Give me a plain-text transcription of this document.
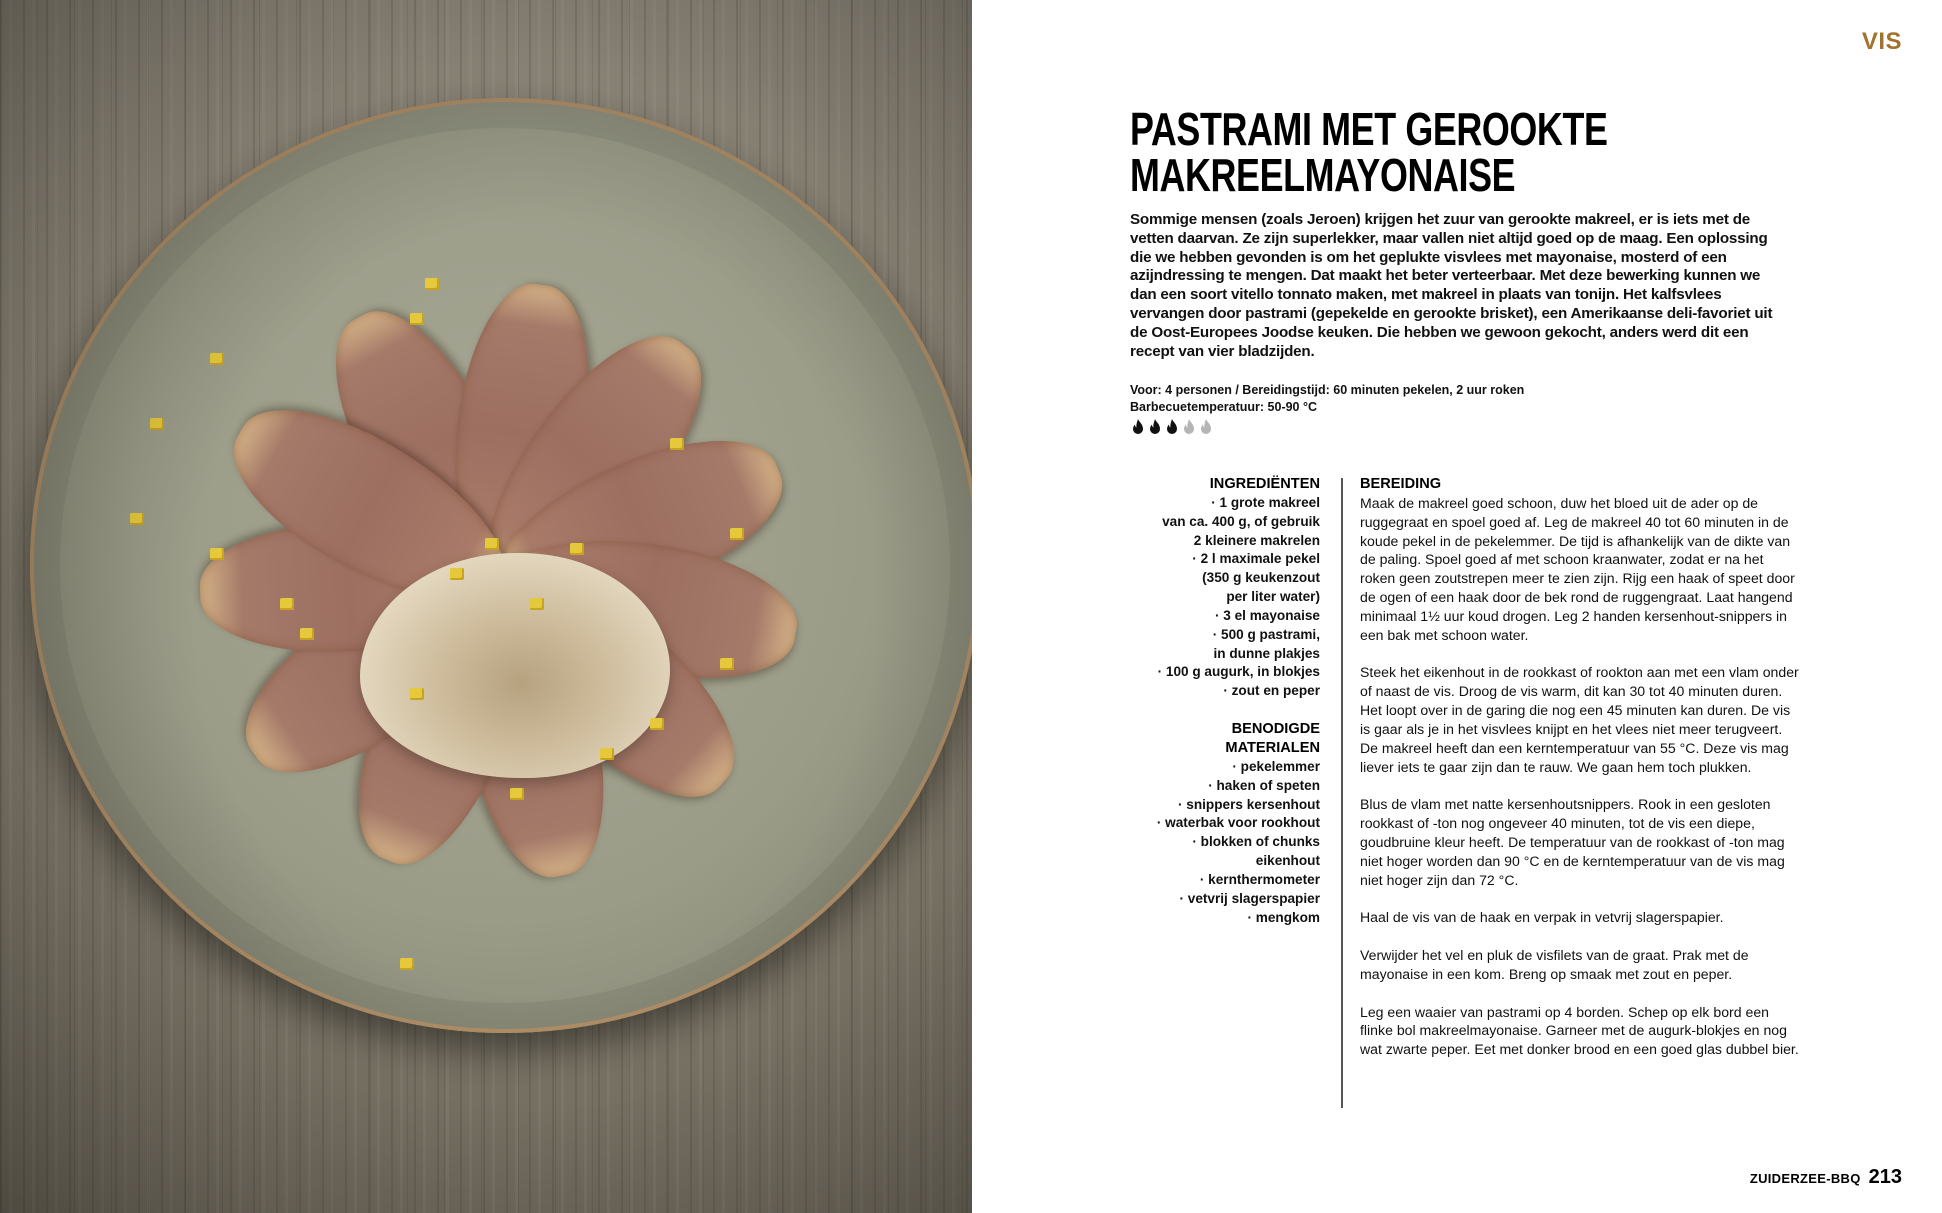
VIS
PASTRAMI MET GEROOKTE
MAKREELMAYONAISE

Sommige mensen (zoals Jeroen) krijgen het zuur van gerookte makreel, er is iets met de vetten daarvan. Ze zijn superlekker, maar vallen niet altijd goed op de maag. Een oplossing die we hebben gevonden is om het geplukte visvlees met mayonaise, mosterd of een azijndressing te mengen. Dat maakt het beter verteerbaar. Met deze bewerking kunnen we dan een soort vitello tonnato maken, met makreel in plaats van tonijn. Het kalfsvlees vervangen door pastrami (gepekelde en gerookte brisket), een Amerikaanse deli-favoriet uit de Oost-Europees Joodse keuken. Die hebben we gewoon gekocht, anders werd dit een recept van vier bladzijden.

Voor: 4 personen / Bereidingstijd: 60 minuten pekelen, 2 uur roken
Barbecuetemperatuur: 50-90 °C
INGREDIËNTEN
· 1 grote makreel
van ca. 400 g, of gebruik
2 kleinere makrelen
· 2 l maximale pekel
(350 g keukenzout
per liter water)
· 3 el mayonaise
· 500 g pastrami,
in dunne plakjes
· 100 g augurk, in blokjes
· zout en peper
BENODIGDE
MATERIALEN
· pekelemmer
· haken of speten
· snippers kersenhout
· waterbak voor rookhout
· blokken of chunks
eikenhout
· kernthermometer
· vetvrij slagerspapier
· mengkom
BEREIDING

Maak de makreel goed schoon, duw het bloed uit de ader op de ruggegraat en spoel goed af. Leg de makreel 40 tot 60 minuten in de koude pekel in de pekelemmer. De tijd is afhankelijk van de dikte van de paling. Spoel goed af met schoon kraanwater, zodat er na het roken geen zoutstrepen meer te zien zijn. Rijg een haak of speet door de ogen of een haak door de bek rond de ruggengraat. Laat hangend minimaal 1½ uur koud drogen. Leg 2 handen kersenhout-snippers in een bak met schoon water.

Steek het eikenhout in de rookkast of rookton aan met een vlam onder of naast de vis. Droog de vis warm, dit kan 30 tot 40 minuten duren. Het loopt over in de garing die nog een 45 minuten kan duren. De vis is gaar als je in het visvlees knijpt en het vlees niet meer terugveert. De makreel heeft dan een kerntemperatuur van 55 °C. Deze vis mag liever iets te gaar zijn dan te rauw. We gaan hem toch plukken.

Blus de vlam met natte kersenhoutsnippers. Rook in een gesloten rookkast of -ton nog ongeveer 40 minuten, tot de vis een diepe, goudbruine kleur heeft. De temperatuur van de rookkast of -ton mag niet hoger worden dan 90 °C en de kerntemperatuur van de vis mag niet hoger zijn dan 72 °C.

Haal de vis van de haak en verpak in vetvrij slagerspapier.

Verwijder het vel en pluk de visfilets van de graat. Prak met de mayonaise in een kom. Breng op smaak met zout en peper.

Leg een waaier van pastrami op 4 borden. Schep op elk bord een flinke bol makreelmayonaise. Garneer met de augurk-blokjes en nog wat zwarte peper. Eet met donker brood en een goed glas dubbel bier.

ZUIDERZEE-BBQ 213
